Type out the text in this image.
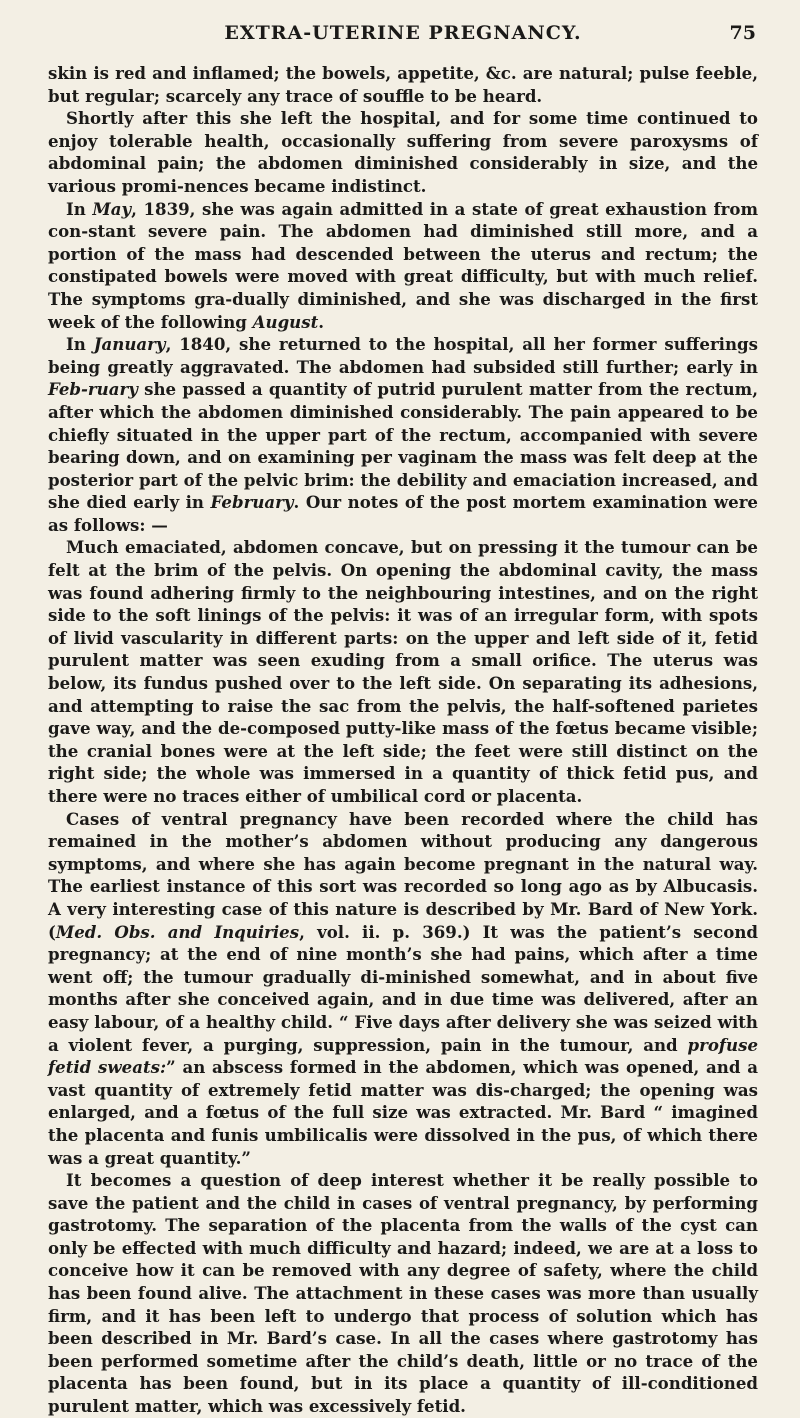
EXTRA-UTERINE PREGNANCY.	75

skin is red and inflamed; the bowels, appetite, &c. are natural; pulse feeble, but regular; scarcely any trace of souffle to be heard.

Shortly after this she left the hospital, and for some time continued to enjoy tolerable health, occasionally suffering from severe paroxysms of abdominal pain; the abdomen diminished considerably in size, and the various promi-nences became indistinct.

In May, 1839, she was again admitted in a state of great exhaustion from con-stant severe pain. The abdomen had diminished still more, and a portion of the mass had descended between the uterus and rectum; the constipated bowels were moved with great difficulty, but with much relief. The symptoms gra-dually diminished, and she was discharged in the first week of the following August.

In January, 1840, she returned to the hospital, all her former sufferings being greatly aggravated. The abdomen had subsided still further; early in Feb-ruary she passed a quantity of putrid purulent matter from the rectum, after which the abdomen diminished considerably. The pain appeared to be chiefly situated in the upper part of the rectum, accompanied with severe bearing down, and on examining per vaginam the mass was felt deep at the posterior part of the pelvic brim: the debility and emaciation increased, and she died early in February. Our notes of the post mortem examination were as follows: —

Much emaciated, abdomen concave, but on pressing it the tumour can be felt at the brim of the pelvis. On opening the abdominal cavity, the mass was found adhering firmly to the neighbouring intestines, and on the right side to the soft linings of the pelvis: it was of an irregular form, with spots of livid vascularity in different parts: on the upper and left side of it, fetid purulent matter was seen exuding from a small orifice. The uterus was below, its fundus pushed over to the left side. On separating its adhesions, and attempting to raise the sac from the pelvis, the half-softened parietes gave way, and the de-composed putty-like mass of the fœtus became visible; the cranial bones were at the left side; the feet were still distinct on the right side; the whole was immersed in a quantity of thick fetid pus, and there were no traces either of umbilical cord or placenta.

Cases of ventral pregnancy have been recorded where the child has remained in the mother’s abdomen without producing any dangerous symptoms, and where she has again become pregnant in the natural way. The earliest instance of this sort was recorded so long ago as by Albucasis. A very interesting case of this nature is described by Mr. Bard of New York. (Med. Obs. and Inquiries, vol. ii. p. 369.) It was the patient’s second pregnancy; at the end of nine month’s she had pains, which after a time went off; the tumour gradually di-minished somewhat, and in about five months after she conceived again, and in due time was delivered, after an easy labour, of a healthy child. “ Five days after delivery she was seized with a violent fever, a purging, suppression, pain in the tumour, and profuse fetid sweats:” an abscess formed in the abdomen, which was opened, and a vast quantity of extremely fetid matter was dis-charged; the opening was enlarged, and a fœtus of the full size was extracted. Mr. Bard “ imagined the placenta and funis umbilicalis were dissolved in the pus, of which there was a great quantity.”

It becomes a question of deep interest whether it be really possible to save the patient and the child in cases of ventral pregnancy, by performing gastrotomy. The separation of the placenta from the walls of the cyst can only be effected with much difficulty and hazard; indeed, we are at a loss to conceive how it can be removed with any degree of safety, where the child has been found alive. The attachment in these cases was more than usually firm, and it has been left to undergo that process of solution which has been described in Mr. Bard’s case. In all the cases where gastrotomy has been performed sometime after the child’s death, little or no trace of the placenta has been found, but in its place a quantity of ill-conditioned purulent matter, which was excessively fetid.
